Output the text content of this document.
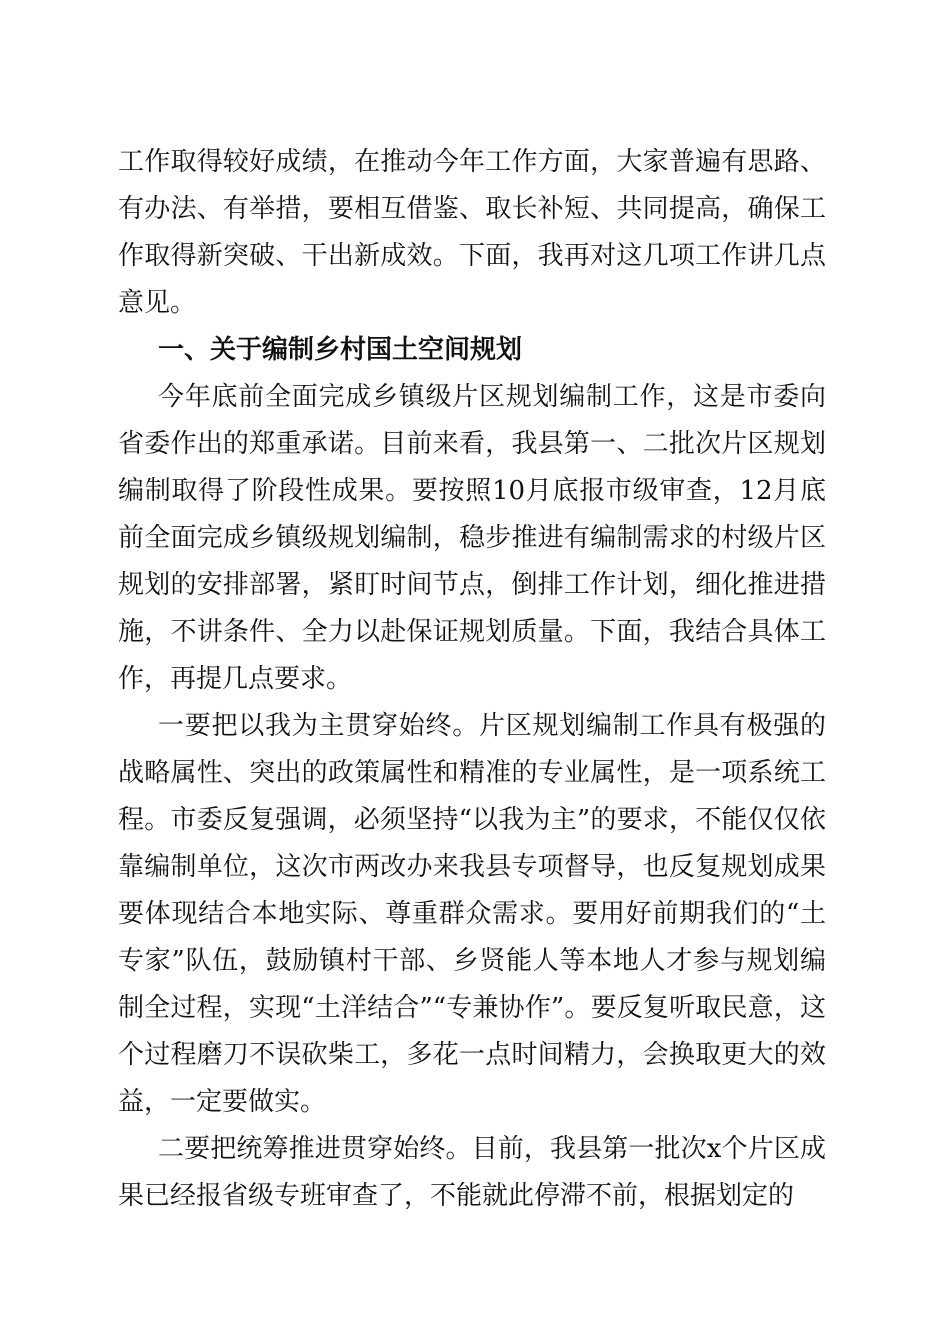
工作取得较好成绩，在推动今年工作方面，大家普遍有思路、有办法、有举措，要相互借鉴、取长补短、共同提高，确保工作取得新突破、干出新成效。下面，我再对这几项工作讲几点意见。

一、关于编制乡村国土空间规划

今年底前全面完成乡镇级片区规划编制工作，这是市委向省委作出的郑重承诺。目前来看，我县第一、二批次片区规划编制取得了阶段性成果。要按照10月底报市级审查，12月底前全面完成乡镇级规划编制，稳步推进有编制需求的村级片区规划的安排部署，紧盯时间节点，倒排工作计划，细化推进措施，不讲条件、全力以赴保证规划质量。下面，我结合具体工作，再提几点要求。

一要把以我为主贯穿始终。片区规划编制工作具有极强的战略属性、突出的政策属性和精准的专业属性，是一项系统工程。市委反复强调，必须坚持“以我为主”的要求，不能仅仅依靠编制单位，这次市两改办来我县专项督导，也反复规划成果要体现结合本地实际、尊重群众需求。要用好前期我们的“土专家”队伍，鼓励镇村干部、乡贤能人等本地人才参与规划编制全过程，实现“土洋结合”“专兼协作”。要反复听取民意，这个过程磨刀不误砍柴工，多花一点时间精力，会换取更大的效益，一定要做实。

二要把统筹推进贯穿始终。目前，我县第一批次x个片区成果已经报省级专班审查了，不能就此停滞不前，根据划定的
